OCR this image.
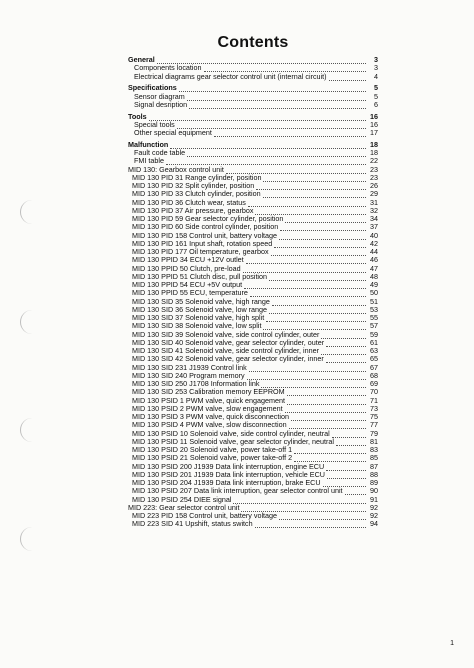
Contents
General	3
Components location	3
Electrical diagrams gear selector control unit (internal circuit)	4
Specifications	5
Sensor diagram	5
Signal desription	6
Tools	16
Special tools	16
Other special equipment	17
Malfunction	18
Fault code table	18
FMI table	22
MID 130: Gearbox control unit	23
MID 130 PID 31 Range cylinder, position	23
MID 130 PID 32 Split cylinder, position	26
MID 130 PID 33 Clutch cylinder, position	29
MID 130 PID 36 Clutch wear, status	31
MID 130 PID 37 Air pressure, gearbox	32
MID 130 PID 59 Gear selector cylinder, position	34
MID 130 PID 60 Side control cylinder, position	37
MID 130 PID 158 Control unit, battery voltage	40
MID 130 PID 161 Input shaft, rotation speed	42
MID 130 PID 177 Oil temperature, gearbox	44
MID 130 PPID 34 ECU +12V outlet	46
MID 130 PPID 50 Clutch, pre-load	47
MID 130 PPID 51 Clutch disc, pull position	48
MID 130 PPID 54 ECU +5V output	49
MID 130 PPID 55 ECU, temperature	50
MID 130 SID 35 Solenoid valve, high range	51
MID 130 SID 36 Solenoid valve, low range	53
MID 130 SID 37 Solenoid valve, high split	55
MID 130 SID 38 Solenoid valve, low split	57
MID 130 SID 39 Solenoid valve, side control cylinder, outer	59
MID 130 SID 40 Solenoid valve, gear selector cylinder, outer	61
MID 130 SID 41 Solenoid valve, side control cylinder, inner	63
MID 130 SID 42 Solenoid valve, gear selector cylinder, inner	65
MID 130 SID 231 J1939 Control link	67
MID 130 SID 240 Program memory	68
MID 130 SID 250 J1708 Information link	69
MID 130 SID 253 Calibration memory EEPROM	70
MID 130 PSID 1 PWM valve, quick engagement	71
MID 130 PSID 2 PWM valve, slow engagement	73
MID 130 PSID 3 PWM valve, quick disconnection	75
MID 130 PSID 4 PWM valve, slow disconnection	77
MID 130 PSID 10 Solenoid valve, side control cylinder, neutral	79
MID 130 PSID 11 Solenoid valve, gear selector cylinder, neutral	81
MID 130 PSID 20 Solenoid valve, power take-off 1	83
MID 130 PSID 21 Solenoid valve, power take-off 2	85
MID 130 PSID 200 J1939 Data link interruption, engine ECU	87
MID 130 PSID 201 J1939 Data link interruption, vehicle ECU	88
MID 130 PSID 204 J1939 Data link interruption, brake ECU	89
MID 130 PSID 207 Data link interruption, gear selector control unit	90
MID 130 PSID 254 DIEE signal	91
MID 223: Gear selector control unit	92
MID 223 PID 158 Control unit, battery voltage	92
MID 223 SID 41 Upshift, status switch	94
1
